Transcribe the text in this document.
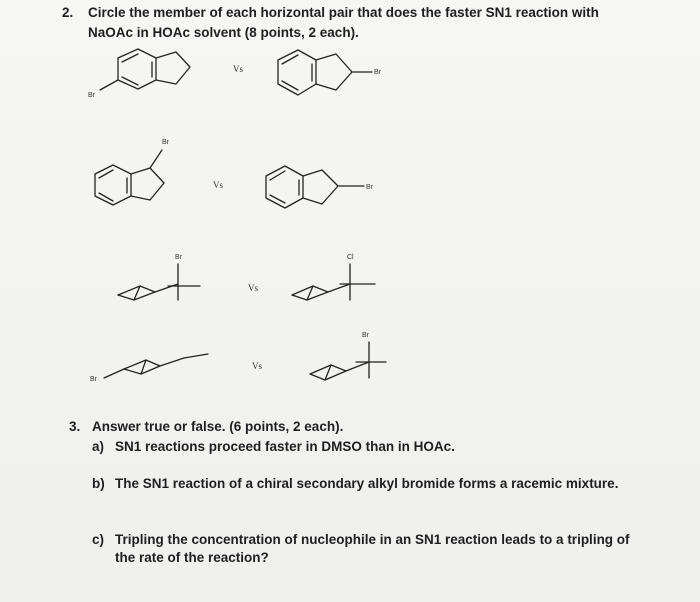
2. Circle the member of each horizontal pair that does the faster SN1 reaction with
NaOAc in HOAc solvent (8 points, 2 each).
Br
Vs	Br
Br
Vs	Br
Br
Vs
Cl
Br
Vs
Br
3. Answer true or false. (6 points, 2 each).
a) SN1 reactions proceed faster in DMSO than in HOAc.
b) The SN1 reaction of a chiral secondary alkyl bromide forms a racemic mixture.
c) Tripling the concentration of nucleophile in an SN1 reaction leads to a tripling of
the rate of the reaction?
